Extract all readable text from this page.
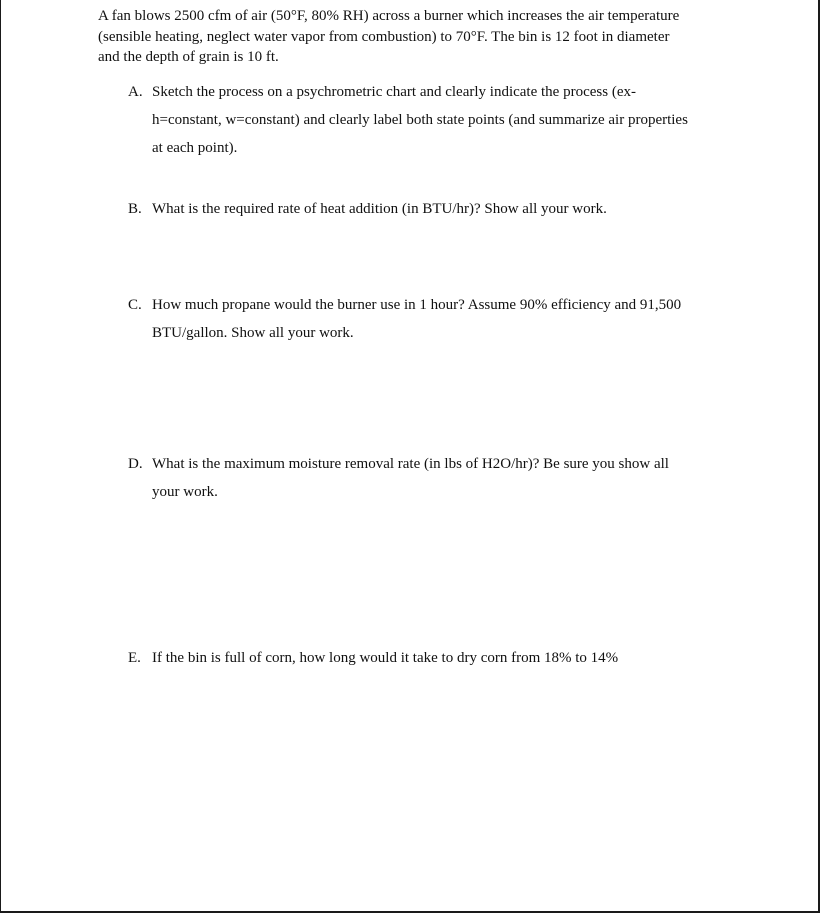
A fan blows 2500 cfm of air (50°F, 80% RH) across a burner which increases the air temperature
(sensible heating, neglect water vapor from combustion) to 70°F. The bin is 12 foot in diameter
and the depth of grain is 10 ft.
A. Sketch the process on a psychrometric chart and clearly indicate the process (ex-
h=constant, w=constant) and clearly label both state points (and summarize air properties
at each point).
B. What is the required rate of heat addition (in BTU/hr)? Show all your work.
C. How much propane would the burner use in 1 hour? Assume 90% efficiency and 91,500
BTU/gallon. Show all your work.
D. What is the maximum moisture removal rate (in lbs of H2O/hr)? Be sure you show all
your work.
E. If the bin is full of corn, how long would it take to dry corn from 18% to 14%
